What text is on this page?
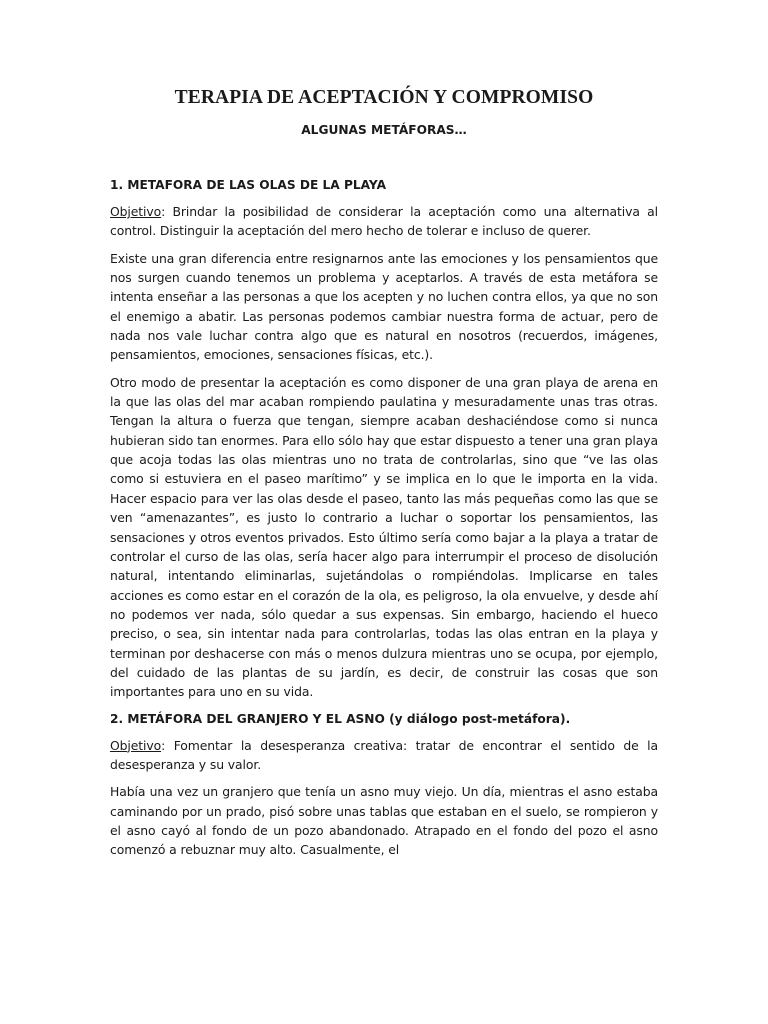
TERAPIA DE ACEPTACIÓN Y COMPROMISO
ALGUNAS METÁFORAS…
1. METAFORA DE LAS OLAS DE LA PLAYA

Objetivo: Brindar la posibilidad de considerar la aceptación como una alternativa al control. Distinguir la aceptación del mero hecho de tolerar e incluso de querer.

Existe una gran diferencia entre resignarnos ante las emociones y los pensamientos que nos surgen cuando tenemos un problema y aceptarlos. A través de esta metáfora se intenta enseñar a las personas a que los acepten y no luchen contra ellos, ya que no son el enemigo a abatir. Las personas podemos cambiar nuestra forma de actuar, pero de nada nos vale luchar contra algo que es natural en nosotros (recuerdos, imágenes, pensamientos, emociones, sensaciones físicas, etc.).

Otro modo de presentar la aceptación es como disponer de una gran playa de arena en la que las olas del mar acaban rompiendo paulatina y mesuradamente unas tras otras. Tengan la altura o fuerza que tengan, siempre acaban deshaciéndose como si nunca hubieran sido tan enormes. Para ello sólo hay que estar dispuesto a tener una gran playa que acoja todas las olas mientras uno no trata de controlarlas, sino que “ve las olas como si estuviera en el paseo marítimo” y se implica en lo que le importa en la vida. Hacer espacio para ver las olas desde el paseo, tanto las más pequeñas como las que se ven “amenazantes”, es justo lo contrario a luchar o soportar los pensamientos, las sensaciones y otros eventos privados. Esto último sería como bajar a la playa a tratar de controlar el curso de las olas, sería hacer algo para interrumpir el proceso de disolución natural, intentando eliminarlas, sujetándolas o rompiéndolas. Implicarse en tales acciones es como estar en el corazón de la ola, es peligroso, la ola envuelve, y desde ahí no podemos ver nada, sólo quedar a sus expensas. Sin embargo, haciendo el hueco preciso, o sea, sin intentar nada para controlarlas, todas las olas entran en la playa y terminan por deshacerse con más o menos dulzura mientras uno se ocupa, por ejemplo, del cuidado de las plantas de su jardín, es decir, de construir las cosas que son importantes para uno en su vida.

2. METÁFORA DEL GRANJERO Y EL ASNO (y diálogo post-metáfora).

Objetivo: Fomentar la desesperanza creativa: tratar de encontrar el sentido de la desesperanza y su valor.

Había una vez un granjero que tenía un asno muy viejo. Un día, mientras el asno estaba caminando por un prado, pisó sobre unas tablas que estaban en el suelo, se rompieron y el asno cayó al fondo de un pozo abandonado. Atrapado en el fondo del pozo el asno comenzó a rebuznar muy alto. Casualmente, el
